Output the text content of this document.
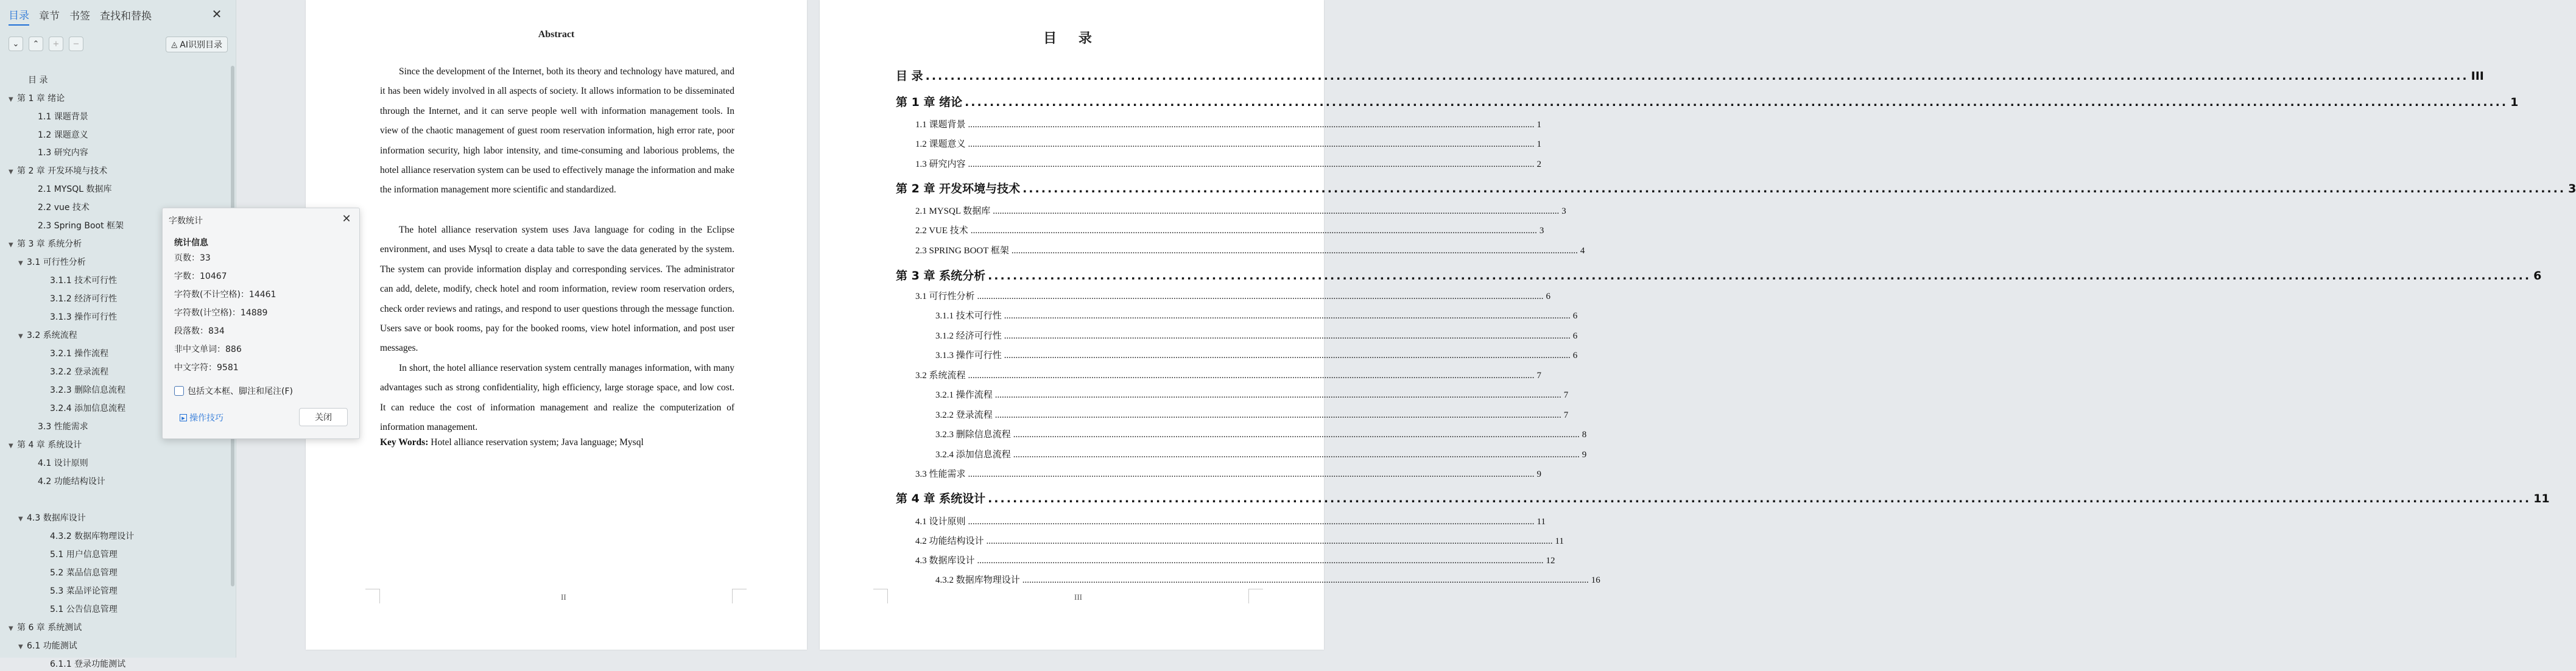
目录 章节 书签 查找和替换	✕
⌄	⌃	+	−	◬ AI识别目录
目 录
▼ 第 1 章 绪论
1.1 课题背景
1.2 课题意义
1.3 研究内容
▼ 第 2 章 开发环境与技术
2.1 MYSQL 数据库
2.2 vue 技术
2.3 Spring Boot 框架
▼ 第 3 章 系统分析
▼ 3.1 可行性分析
3.1.1 技术可行性
3.1.2 经济可行性
3.1.3 操作可行性
▼ 3.2 系统流程
3.2.1 操作流程
3.2.2 登录流程
3.2.3 删除信息流程
3.2.4 添加信息流程
3.3 性能需求
▼ 第 4 章 系统设计
4.1 设计原则
4.2 功能结构设计
▼ 4.3 数据库设计
4.3.2 数据库物理设计
5.1 用户信息管理
5.2 菜品信息管理
5.3 菜品评论管理
5.1 公告信息管理
▼ 第 6 章 系统测试
▼ 6.1 功能测试
6.1.1 登录功能测试
Abstract

Since the development of the Internet, both its theory and technology have matured, and it has been widely involved in all aspects of society. It allows information to be disseminated through the Internet, and it can serve people well with information management tools. In view of the chaotic management of guest room reservation information, high error rate, poor information security, high labor intensity, and time-consuming and laborious problems, the hotel alliance reservation system can be used to effectively manage the information and make the information management more scientific and standardized.

The hotel alliance reservation system uses Java language for coding in the Eclipse environment, and uses Mysql to create a data table to save the data generated by the system. The system can provide information display and corresponding services. The administrator can add, delete, modify, check hotel and room information, review room reservation orders, check order reviews and ratings, and respond to user questions through the message function. Users save or book rooms, pay for the booked rooms, view hotel information, and post user messages.

In short, the hotel alliance reservation system centrally manages information, with many advantages such as strong confidentiality, high efficiency, large storage space, and low cost. It can reduce the cost of information management and realize the computerization of information management.

Key Words: Hotel alliance reservation system; Java language; Mysql
II
目 录
目 录 .....	III
第 1 章 绪论 .....	1
1.1 课题背景 .....	1
1.2 课题意义 .....	1
1.3 研究内容 .....	2
第 2 章 开发环境与技术 .....	3
2.1 MYSQL 数据库 .....	3
2.2 VUE 技术 .....	3
2.3 SPRING BOOT 框架 .....	4
第 3 章 系统分析 .....	6
3.1 可行性分析 .....	6
3.1.1 技术可行性 .....	6
3.1.2 经济可行性 .....	6
3.1.3 操作可行性 .....	6
3.2 系统流程 .....	7
3.2.1 操作流程 .....	7
3.2.2 登录流程 .....	7
3.2.3 删除信息流程 .....	8
3.2.4 添加信息流程 .....	9
3.3 性能需求 .....	9
第 4 章 系统设计 .....	11
4.1 设计原则 .....	11
4.2 功能结构设计 .....	11
4.3 数据库设计 .....	12
4.3.2 数据库物理设计 .....	16
III
字数统计	✕
统计信息
页数：33
字数：10467
字符数(不计空格)：14461
字符数(计空格)：14889
段落数：834
非中文单词：886
中文字符：9581
包括文本框、脚注和尾注(F)
▸ 操作技巧	关闭
